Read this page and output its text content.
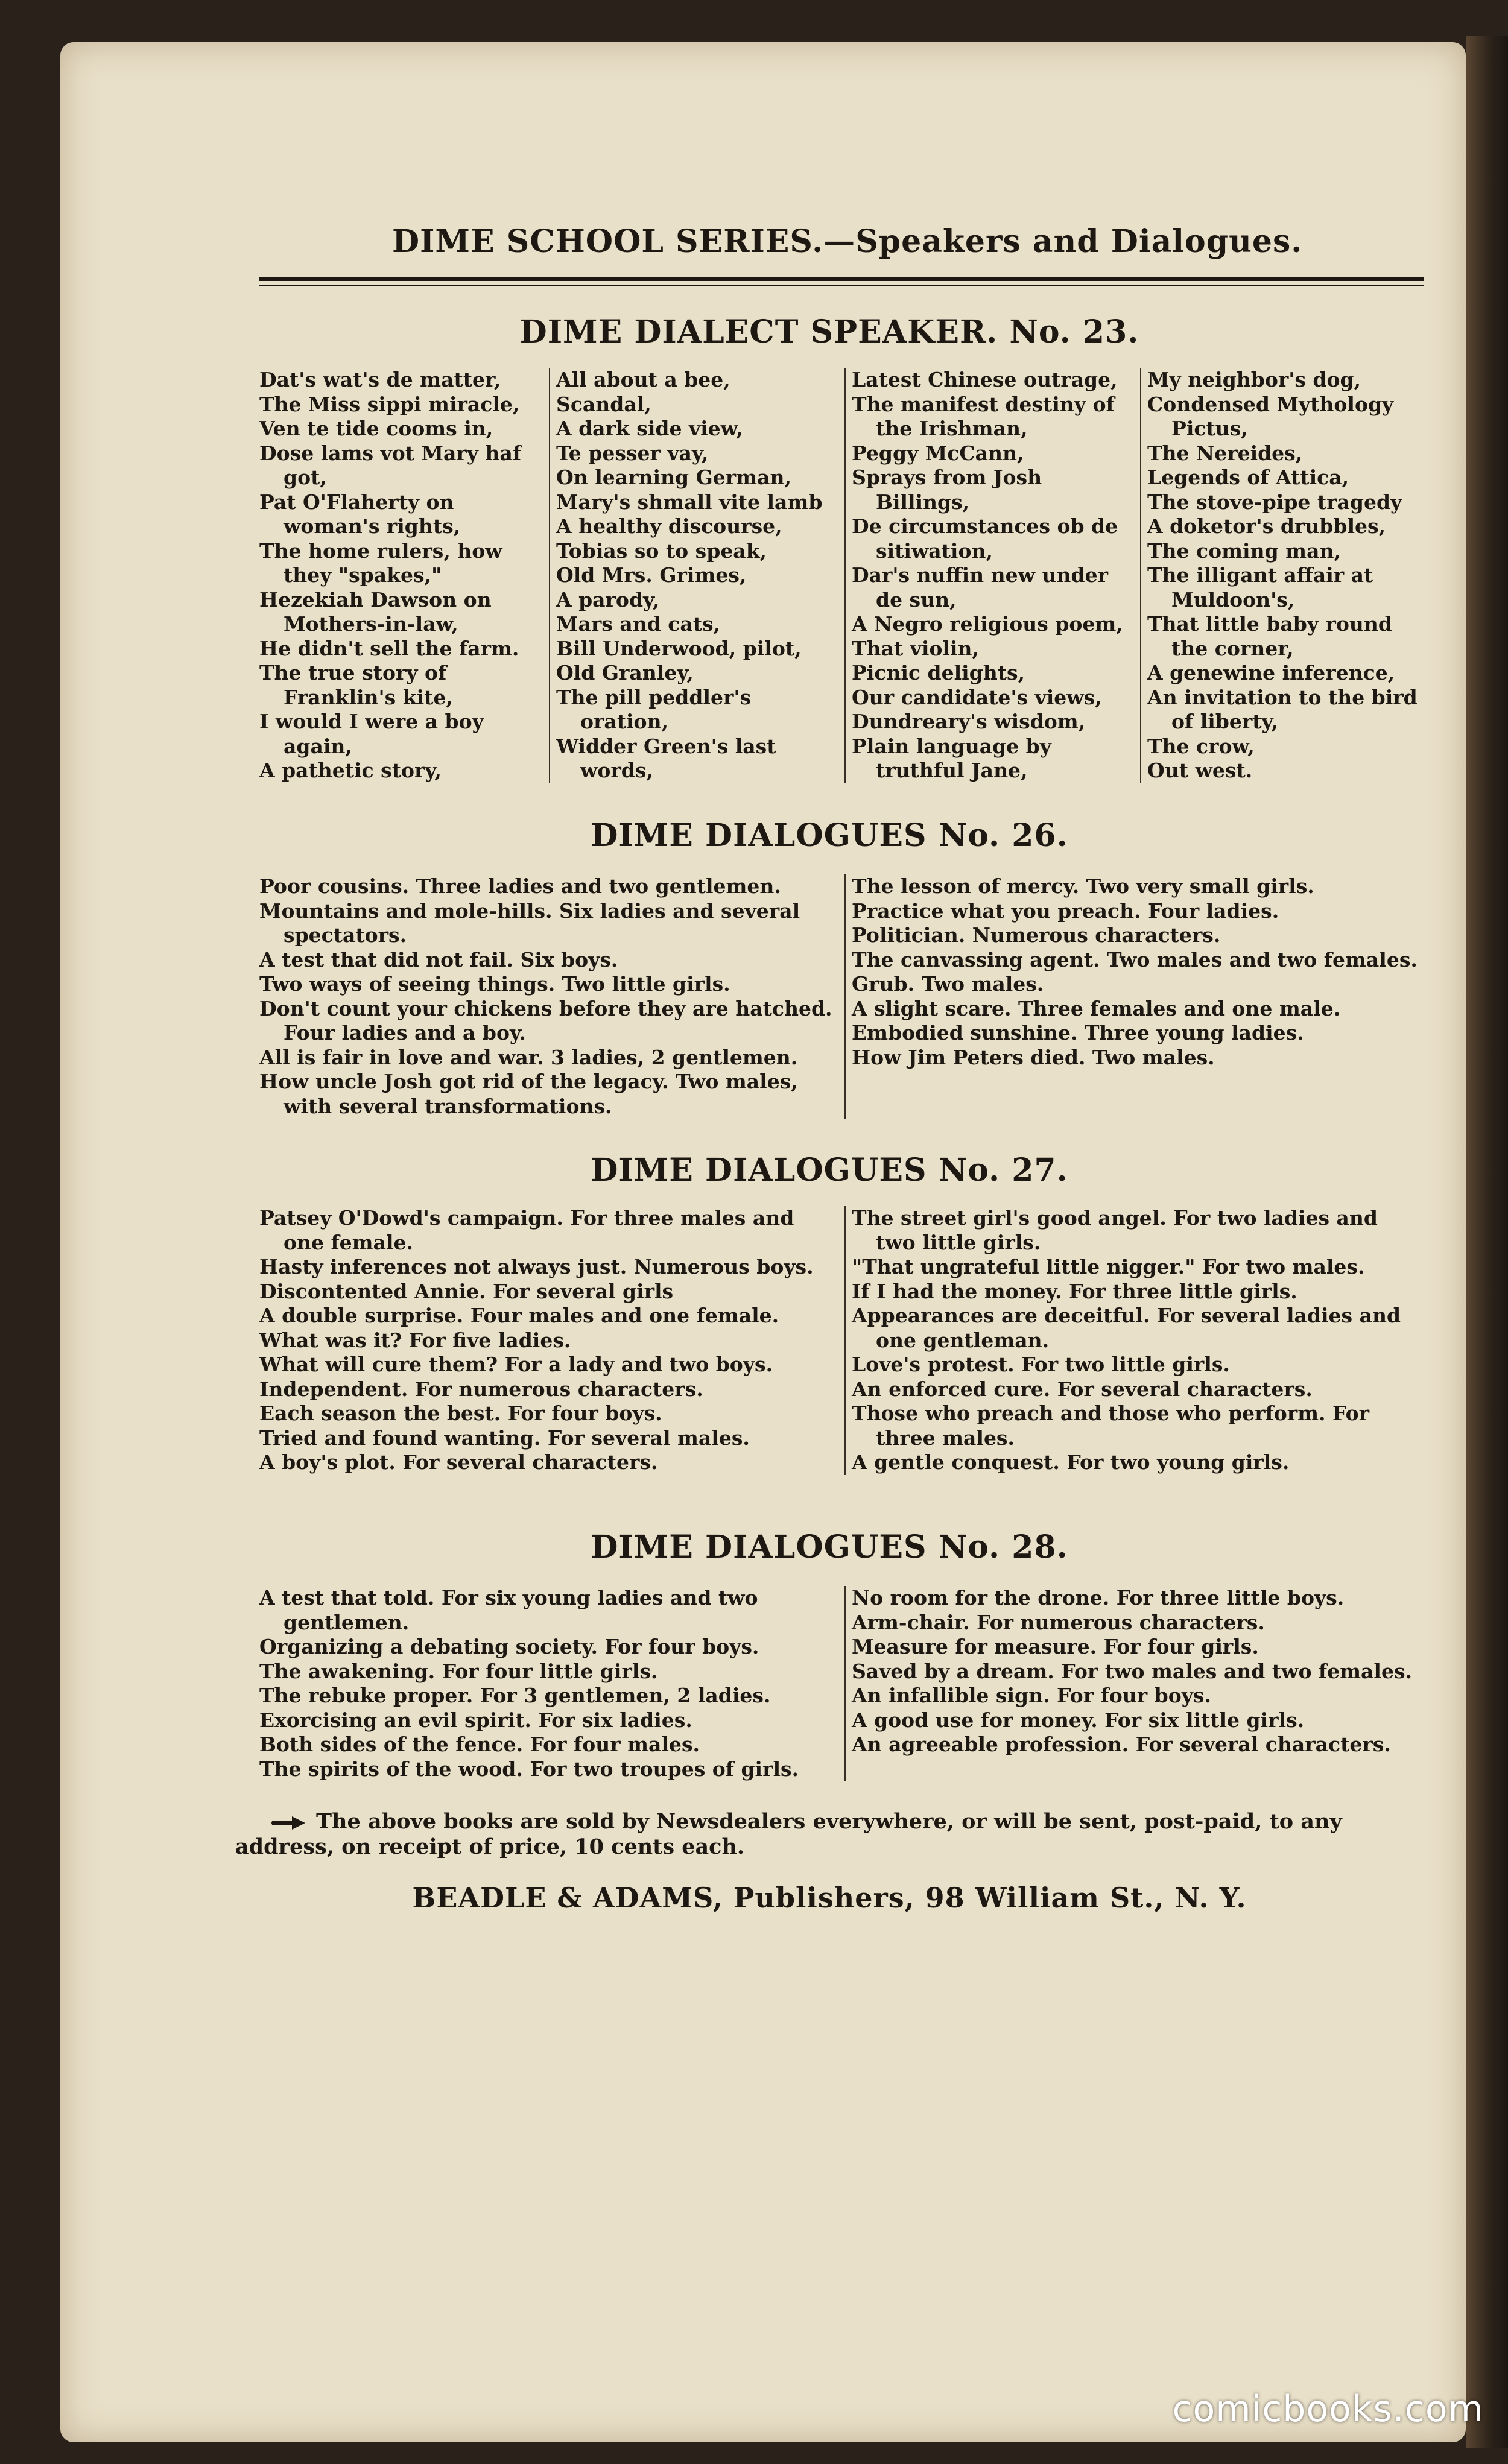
DIME SCHOOL SERIES.—Speakers and Dialogues.
DIME DIALECT SPEAKER. No. 23.
Dat's wat's de matter,
The Miss sippi miracle,
Ven te tide cooms in,
Dose lams vot Mary haf got,
Pat O'Flaherty on woman's rights,
The home rulers, how they "spakes,"
Hezekiah Dawson on Mothers-in-law,
He didn't sell the farm.
The true story of Franklin's kite,
I would I were a boy again,
A pathetic story,
All about a bee,
Scandal,
A dark side view,
Te pesser vay,
On learning German,
Mary's shmall vite lamb
A healthy discourse,
Tobias so to speak,
Old Mrs. Grimes,
A parody,
Mars and cats,
Bill Underwood, pilot,
Old Granley,
The pill peddler's oration,
Widder Green's last words,
Latest Chinese outrage,
The manifest destiny of the Irishman,
Peggy McCann,
Sprays from Josh Billings,
De circumstances ob de sitiwation,
Dar's nuffin new under de sun,
A Negro religious poem,
That violin,
Picnic delights,
Our candidate's views,
Dundreary's wisdom,
Plain language by truthful Jane,
My neighbor's dog,
Condensed Mythology Pictus,
The Nereides,
Legends of Attica,
The stove-pipe tragedy
A doketor's drubbles,
The coming man,
The illigant affair at Muldoon's,
That little baby round the corner,
A genewine inference,
An invitation to the bird of liberty,
The crow,
Out west.
DIME DIALOGUES No. 26.
Poor cousins. Three ladies and two gentlemen.
Mountains and mole-hills. Six ladies and several spectators.
A test that did not fail. Six boys.
Two ways of seeing things. Two little girls.
Don't count your chickens before they are hatched. Four ladies and a boy.
All is fair in love and war. 3 ladies, 2 gentlemen.
How uncle Josh got rid of the legacy. Two males, with several transformations.
The lesson of mercy. Two very small girls.
Practice what you preach. Four ladies.
Politician. Numerous characters.
The canvassing agent. Two males and two females.
Grub. Two males.
A slight scare. Three females and one male.
Embodied sunshine. Three young ladies.
How Jim Peters died. Two males.
DIME DIALOGUES No. 27.
Patsey O'Dowd's campaign. For three males and one female.
Hasty inferences not always just. Numerous boys.
Discontented Annie. For several girls
A double surprise. Four males and one female.
What was it? For five ladies.
What will cure them? For a lady and two boys.
Independent. For numerous characters.
Each season the best. For four boys.
Tried and found wanting. For several males.
A boy's plot. For several characters.
The street girl's good angel. For two ladies and two little girls.
"That ungrateful little nigger." For two males.
If I had the money. For three little girls.
Appearances are deceitful. For several ladies and one gentleman.
Love's protest. For two little girls.
An enforced cure. For several characters.
Those who preach and those who perform. For three males.
A gentle conquest. For two young girls.
DIME DIALOGUES No. 28.
A test that told. For six young ladies and two gentlemen.
Organizing a debating society. For four boys.
The awakening. For four little girls.
The rebuke proper. For 3 gentlemen, 2 ladies.
Exorcising an evil spirit. For six ladies.
Both sides of the fence. For four males.
The spirits of the wood. For two troupes of girls.
No room for the drone. For three little boys.
Arm-chair. For numerous characters.
Measure for measure. For four girls.
Saved by a dream. For two males and two females.
An infallible sign. For four boys.
A good use for money. For six little girls.
An agreeable profession. For several characters.
The above books are sold by Newsdealers everywhere, or will be sent, post-paid, to any address, on receipt of price, 10 cents each.
BEADLE & ADAMS, Publishers, 98 William St., N. Y.
comicbooks.com
